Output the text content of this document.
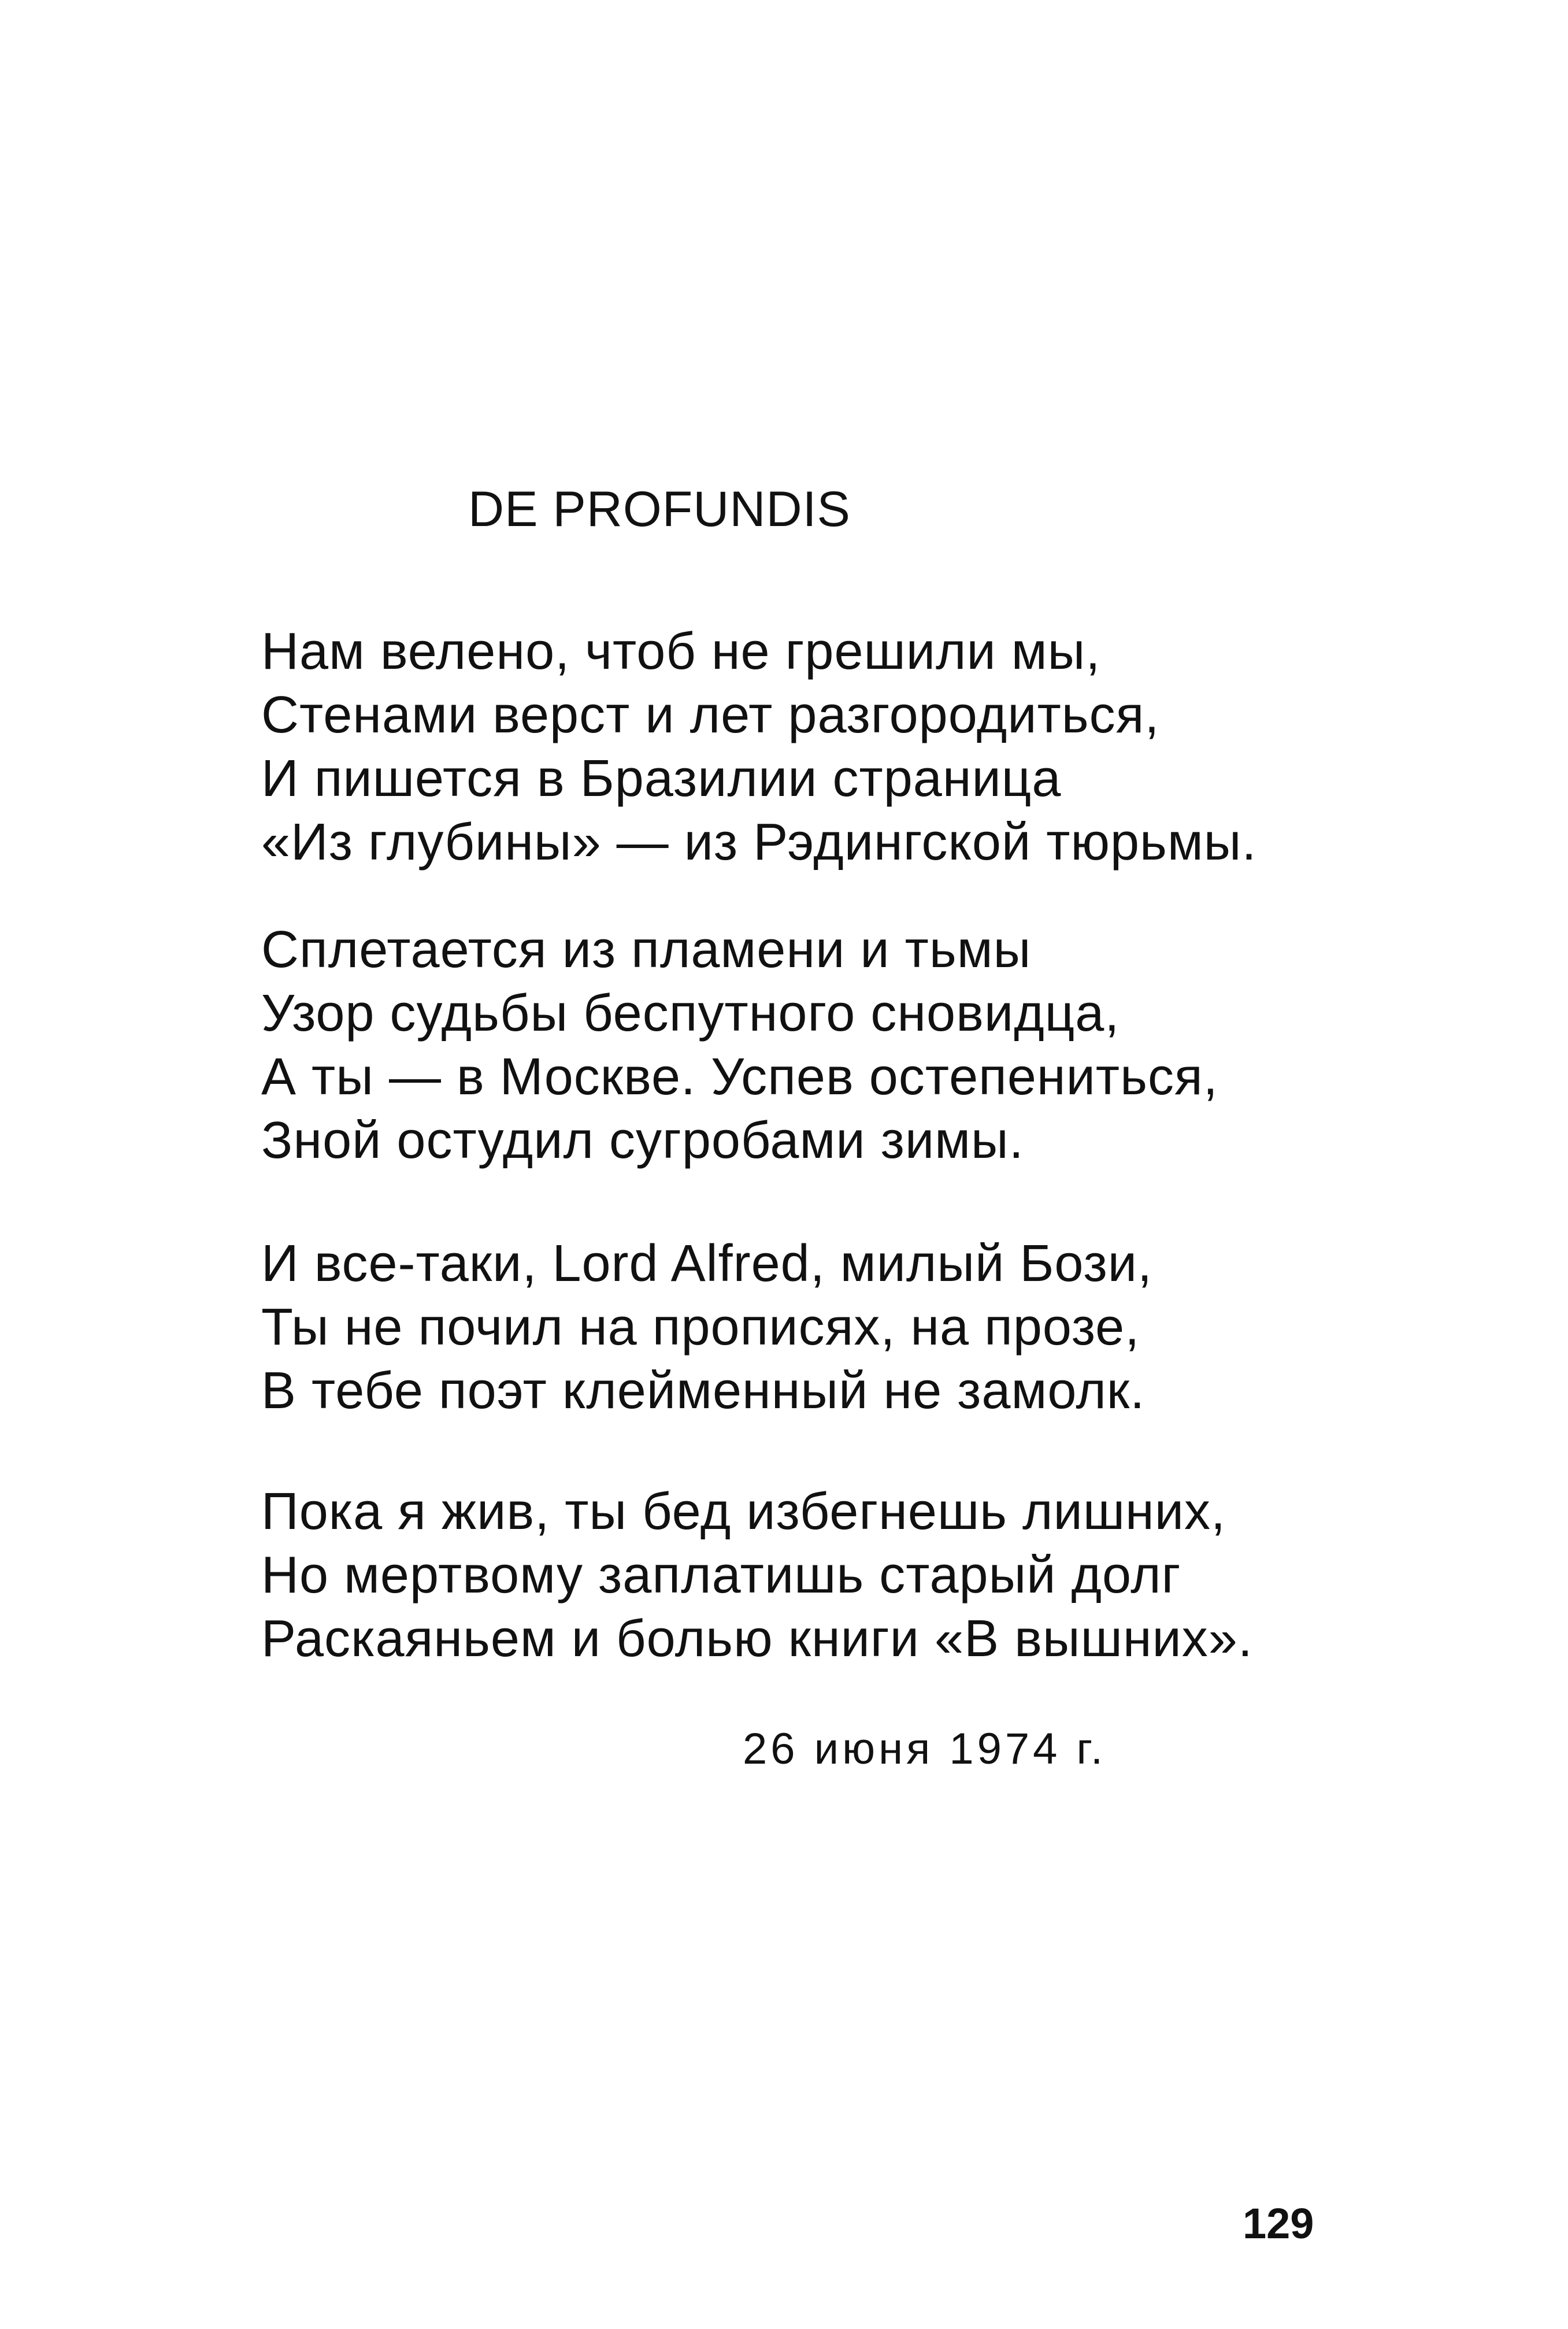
DE PROFUNDIS
Нам велено, чтоб не грешили мы,
Стенами верст и лет разгородиться,
И пишется в Бразилии страница
«Из глубины» — из Рэдингской тюрьмы.
Сплетается из пламени и тьмы
Узор судьбы беспутного сновидца,
А ты — в Москве. Успев остепениться,
Зной остудил сугробами зимы.
И все-таки, Lord Alfred, милый Бози,
Ты не почил на прописях, на прозе,
В тебе поэт клейменный не замолк.
Пока я жив, ты бед избегнешь лишних,
Но мертвому заплатишь старый долг
Раскаяньем и болью книги «В вышних».
26 июня 1974 г.
129
